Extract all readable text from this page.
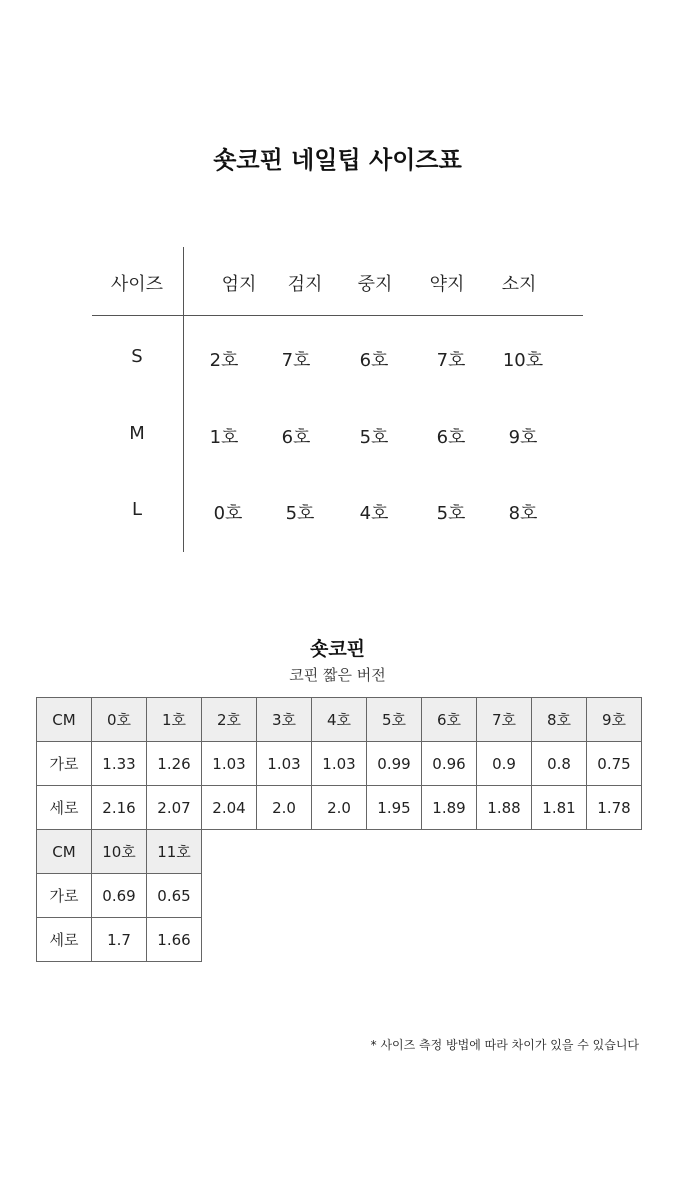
숏코핀 네일팁 사이즈표
사이즈	엄지	검지	중지	약지	소지
S	2호	7호	6호	7호	10호
M	1호	6호	5호	6호	9호
L	0호	5호	4호	5호	8호
숏코핀
코핀 짧은 버전
CM	0호	1호	2호	3호	4호	5호	6호	7호	8호	9호
가로	1.33	1.26	1.03	1.03	1.03	0.99	0.96	0.9	0.8	0.75
세로	2.16	2.07	2.04	2.0	2.0	1.95	1.89	1.88	1.81	1.78
CM	10호	11호
가로	0.69	0.65
세로	1.7	1.66
* 사이즈 측정 방법에 따라 차이가 있을 수 있습니다
